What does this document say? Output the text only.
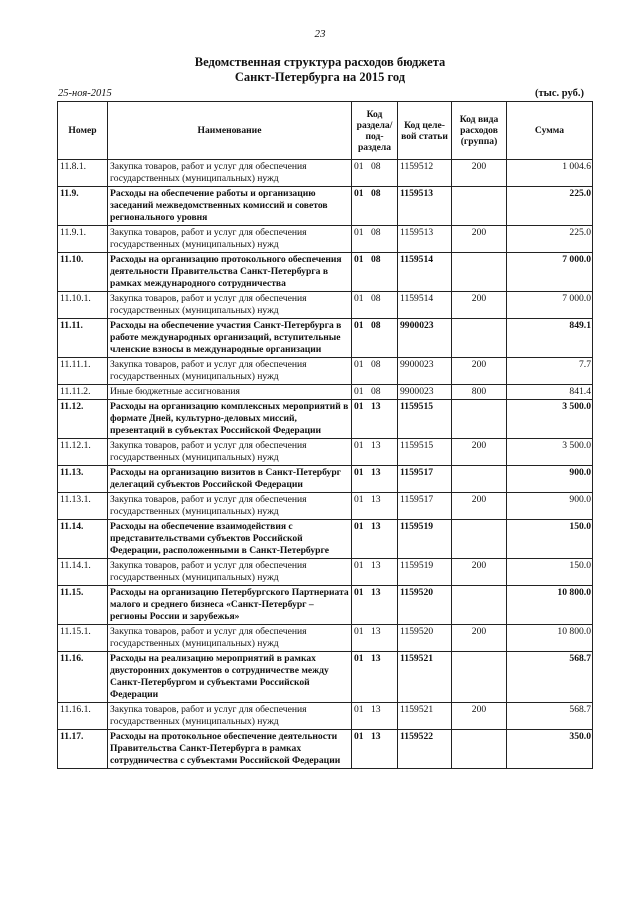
23
Ведомственная структура расходов бюджета
Санкт-Петербурга на 2015 год
25-ноя-2015	(тыс. руб.)
Номер	Наименование	Код раздела/ под- раздела	Код целе- вой статьи	Код вида расходов (группа)	Сумма
11.8.1.	Закупка товаров, работ и услуг для обеспечения государственных (муниципальных) нужд	01 08	1159512	200	1 004.6
11.9.	Расходы на обеспечение работы и организацию заседаний межведомственных комиссий и советов регионального уровня	01 08	1159513		225.0
11.9.1.	Закупка товаров, работ и услуг для обеспечения государственных (муниципальных) нужд	01 08	1159513	200	225.0
11.10.	Расходы на организацию протокольного обеспечения деятельности Правительства Санкт-Петербурга в рамках международного сотрудничества	01 08	1159514		7 000.0
11.10.1.	Закупка товаров, работ и услуг для обеспечения государственных (муниципальных) нужд	01 08	1159514	200	7 000.0
11.11.	Расходы на обеспечение участия Санкт-Петербурга в работе международных организаций, вступительные членские взносы в международные организации	01 08	9900023		849.1
11.11.1.	Закупка товаров, работ и услуг для обеспечения государственных (муниципальных) нужд	01 08	9900023	200	7.7
11.11.2.	Иные бюджетные ассигнования	01 08	9900023	800	841.4
11.12.	Расходы на организацию комплексных мероприятий в формате Дней, культурно-деловых миссий, презентаций в субъектах Российской Федерации	01 13	1159515		3 500.0
11.12.1.	Закупка товаров, работ и услуг для обеспечения государственных (муниципальных) нужд	01 13	1159515	200	3 500.0
11.13.	Расходы на организацию визитов в Санкт-Петербург делегаций субъектов Российской Федерации	01 13	1159517		900.0
11.13.1.	Закупка товаров, работ и услуг для обеспечения государственных (муниципальных) нужд	01 13	1159517	200	900.0
11.14.	Расходы на обеспечение взаимодействия с представительствами субъектов Российской Федерации, расположенными в Санкт-Петербурге	01 13	1159519		150.0
11.14.1.	Закупка товаров, работ и услуг для обеспечения государственных (муниципальных) нужд	01 13	1159519	200	150.0
11.15.	Расходы на организацию Петербургского Партнериата малого и среднего бизнеса «Санкт-Петербург – регионы России и зарубежья»	01 13	1159520		10 800.0
11.15.1.	Закупка товаров, работ и услуг для обеспечения государственных (муниципальных) нужд	01 13	1159520	200	10 800.0
11.16.	Расходы на реализацию мероприятий в рамках двусторонних документов о сотрудничестве между Санкт-Петербургом и субъектами Российской Федерации	01 13	1159521		568.7
11.16.1.	Закупка товаров, работ и услуг для обеспечения государственных (муниципальных) нужд	01 13	1159521	200	568.7
11.17.	Расходы на протокольное обеспечение деятельности Правительства Санкт-Петербурга в рамках сотрудничества с субъектами Российской Федерации	01 13	1159522		350.0
